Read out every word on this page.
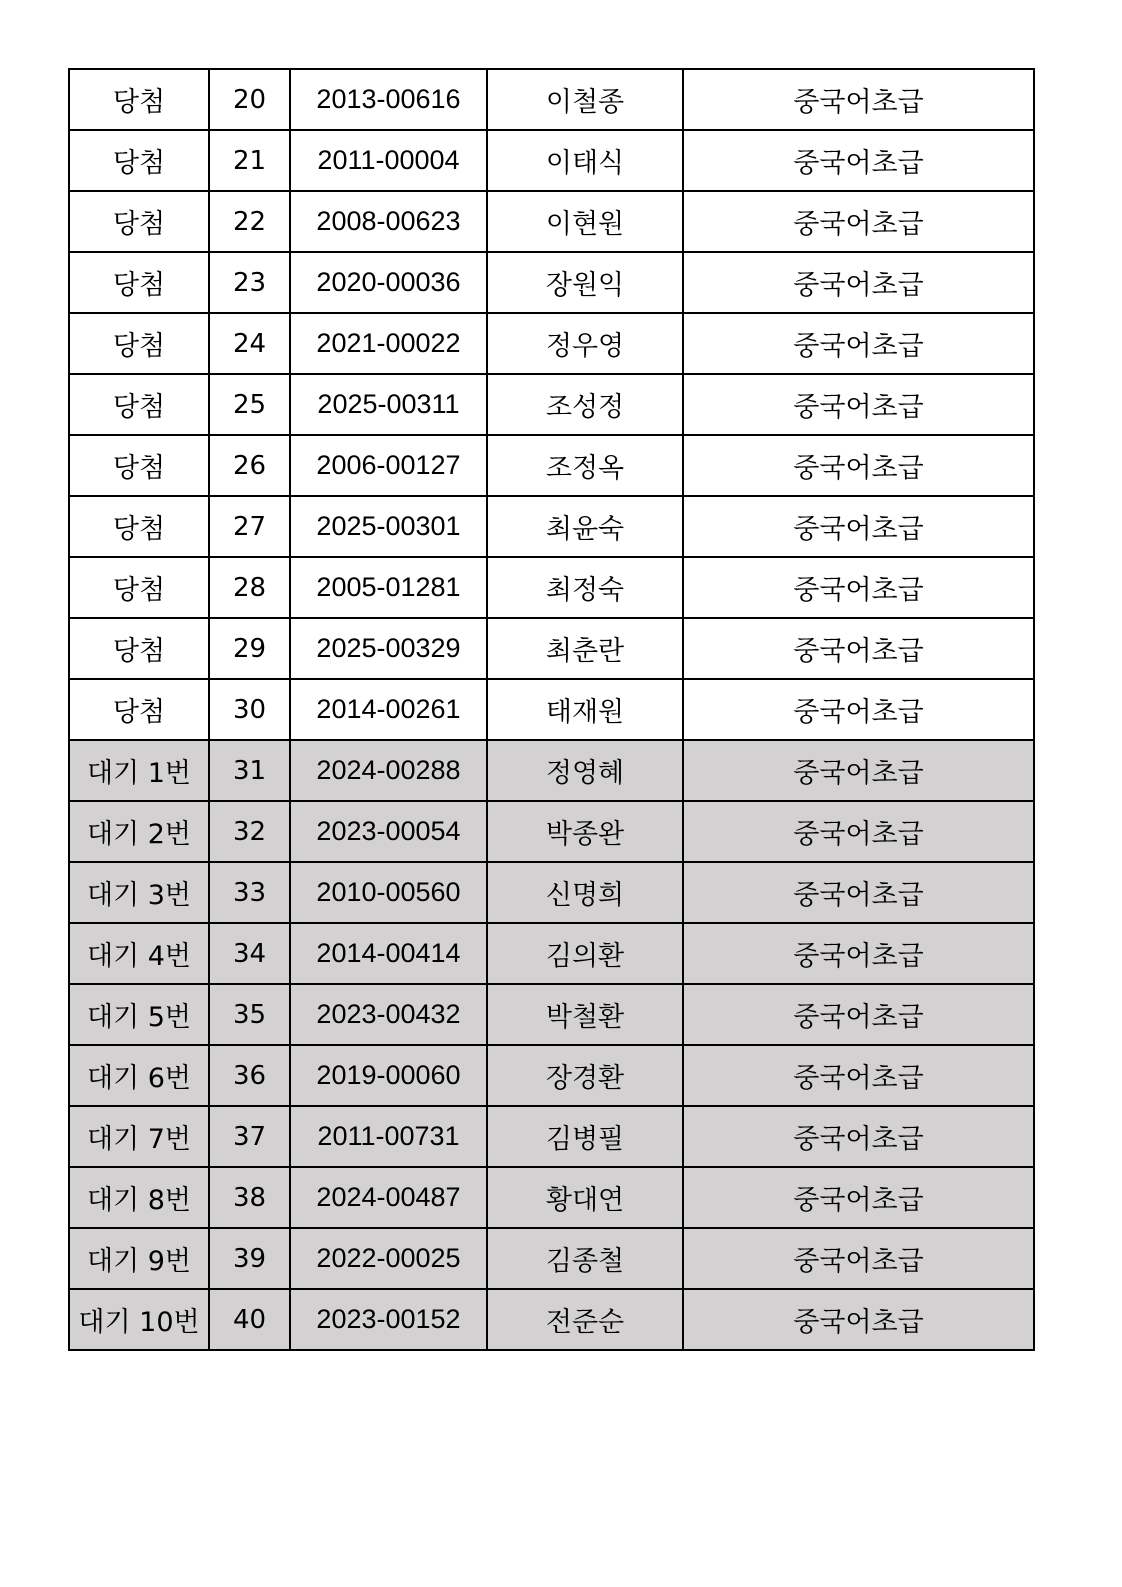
당첨	20	2013-00616	이철종	중국어초급
당첨	21	2011-00004	이태식	중국어초급
당첨	22	2008-00623	이현원	중국어초급
당첨	23	2020-00036	장원익	중국어초급
당첨	24	2021-00022	정우영	중국어초급
당첨	25	2025-00311	조성정	중국어초급
당첨	26	2006-00127	조정옥	중국어초급
당첨	27	2025-00301	최윤숙	중국어초급
당첨	28	2005-01281	최정숙	중국어초급
당첨	29	2025-00329	최춘란	중국어초급
당첨	30	2014-00261	태재원	중국어초급
대기 1번	31	2024-00288	정영혜	중국어초급
대기 2번	32	2023-00054	박종완	중국어초급
대기 3번	33	2010-00560	신명희	중국어초급
대기 4번	34	2014-00414	김의환	중국어초급
대기 5번	35	2023-00432	박철환	중국어초급
대기 6번	36	2019-00060	장경환	중국어초급
대기 7번	37	2011-00731	김병필	중국어초급
대기 8번	38	2024-00487	황대연	중국어초급
대기 9번	39	2022-00025	김종철	중국어초급
대기 10번	40	2023-00152	전준순	중국어초급
